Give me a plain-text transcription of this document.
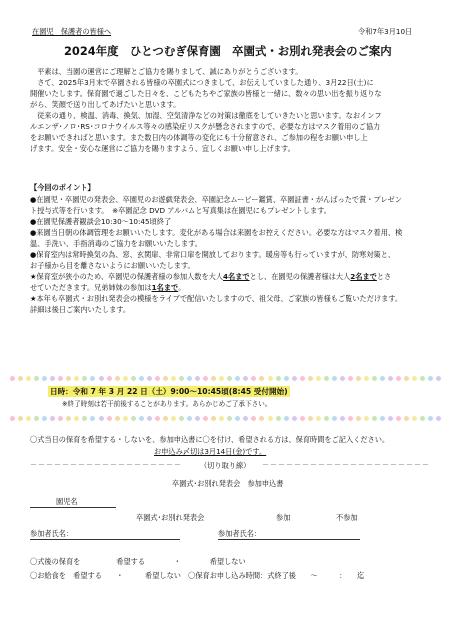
在園児　保護者の皆様へ	令和7年3月10日
2024年度　ひとつむぎ保育園　卒園式・お別れ発表会のご案内
　平素は、当園の運営にご理解とご協力を賜りまして、誠にありがとうございます。
　さて、2025年3月末で卒園される皆様の卒園式につきまして、お伝えしていました通り、3月22日(土)に
開催いたします。保育園で過ごした日々を、こどもたちやご家族の皆様と一緒に、数々の思い出を振り返りな
がら、笑顔で送り出してあげたいと思います。
　従来の通り、検温、消毒、換気、加湿、空気清浄などの対策は徹底をしていきたいと思います。なおインフ
ルエンザ･ノロ･RS･コロナウイルス等々の感染症リスクが懸念されますので、必要な方はマスク着用のご協力
をお願いできればと思います。また数日内の体調等の変化にも十分留意され、ご参加の程をお願い申し上
げます。安全・安心な運営にご協力を賜りますよう、宜しくお願い申し上げます。
【今回のポイント】
●在園児・卒園児の発表会、卒園児のお遊戯発表会、卒園記念ムービー鑑賞、卒園証書・がんばったで賞・プレゼン
ト授与式等を行います。　※卒園記念 DVD アルバムと写真集は在園児にもプレゼントします。
●在園児保護者観談会10:30～10:45頃終了
●来園当日朝の体調管理をお願いいたします。変化がある場合は来園をお控えください。必要な方はマスク着用、検
温、手洗い、手指消毒のご協力をお願いいたします。
●保育室内は常時換気の為、窓、玄関扉、非常口扉を開放しております。暖房等も行っていますが、防寒対策と、
お子様から目を離さないようにお願いいたします。
★保育室が狭小のため、卒園児の保護者様の参加人数を大人4名までとし、在園児の保護者様は大人2名までとさ
せていただきます。兄弟姉妹の参加は1名まで。
★本年も卒園式・お別れ発表会の模様をライブで配信いたしますので、祖父母、ご家族の皆様もご覧いただけます。
詳細は後日ご案内いたします。
日時：令和 7 年 3 月 22 日（土）9:00～10:45頃(8:45 受付開始)
※終了時刻は若干前後することがあります。あらかじめご了承下さい。
〇式当日の保育を希望する・しないを、参加申込書に〇を付け、希望される方は、保育時間をご記入ください。
お申込み〆切は3月14日(金)です。
－－－－－－－－－－－－－－－－－－－	（切り取り線） －－－－－－－－－－－－－－－－－－－－－
卒園式･お別れ発表会　参加申込書
園児名
卒園式･お別れ発表会	参加	不参加
参加者氏名：	参加者氏名：
〇式後の保育を　　　　　希望する　　　　・　　　　希望しない
〇お給食を　希望する　　・　　　希望しない　〇保育お申し込み時間：式終了後　　〜　　　：　　迄
